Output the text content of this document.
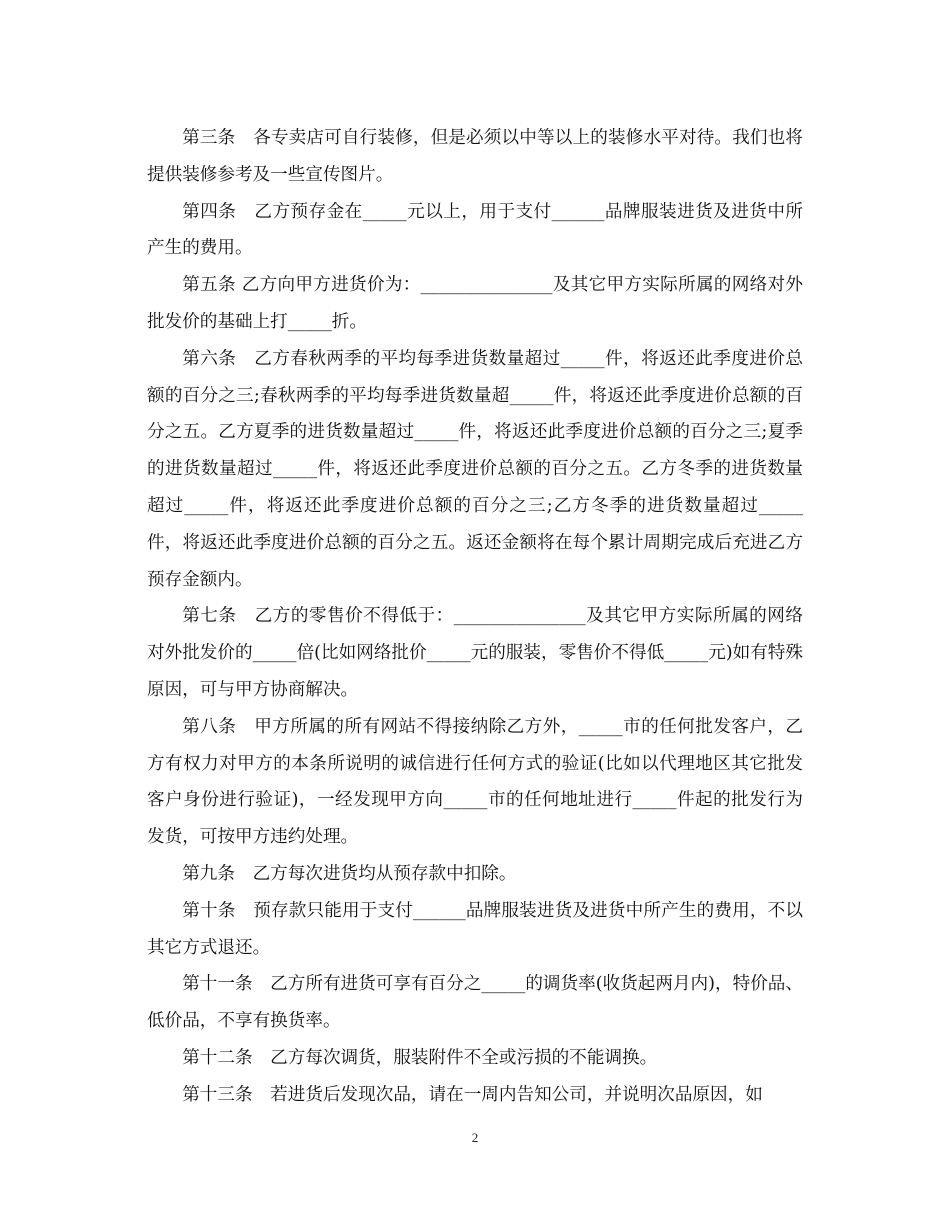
第三条　各专卖店可自行装修，但是必须以中等以上的装修水平对待。我们也将提供装修参考及一些宣传图片。

第四条　乙方预存金在_____元以上，用于支付______品牌服装进货及进货中所产生的费用。

第五条 乙方向甲方进货价为：_______________及其它甲方实际所属的网络对外批发价的基础上打_____折。

第六条　乙方春秋两季的平均每季进货数量超过_____件，将返还此季度进价总额的百分之三;春秋两季的平均每季进货数量超_____件，将返还此季度进价总额的百分之五。乙方夏季的进货数量超过_____件，将返还此季度进价总额的百分之三;夏季的进货数量超过_____件，将返还此季度进价总额的百分之五。乙方冬季的进货数量超过_____件，将返还此季度进价总额的百分之三;乙方冬季的进货数量超过_____件，将返还此季度进价总额的百分之五。返还金额将在每个累计周期完成后充进乙方预存金额内。

第七条　乙方的零售价不得低于：_______________及其它甲方实际所属的网络对外批发价的_____倍(比如网络批价_____元的服装，零售价不得低_____元)如有特殊原因，可与甲方协商解决。

第八条　甲方所属的所有网站不得接纳除乙方外，_____市的任何批发客户，乙方有权力对甲方的本条所说明的诚信进行任何方式的验证(比如以代理地区其它批发客户身份进行验证)，一经发现甲方向_____市的任何地址进行_____件起的批发行为发货，可按甲方违约处理。

第九条　乙方每次进货均从预存款中扣除。

第十条　预存款只能用于支付______品牌服装进货及进货中所产生的费用，不以其它方式退还。

第十一条　乙方所有进货可享有百分之_____的调货率(收货起两月内)，特价品、低价品，不享有换货率。

第十二条　乙方每次调货，服装附件不全或污损的不能调换。

第十三条　若进货后发现次品，请在一周内告知公司，并说明次品原因，如

2
